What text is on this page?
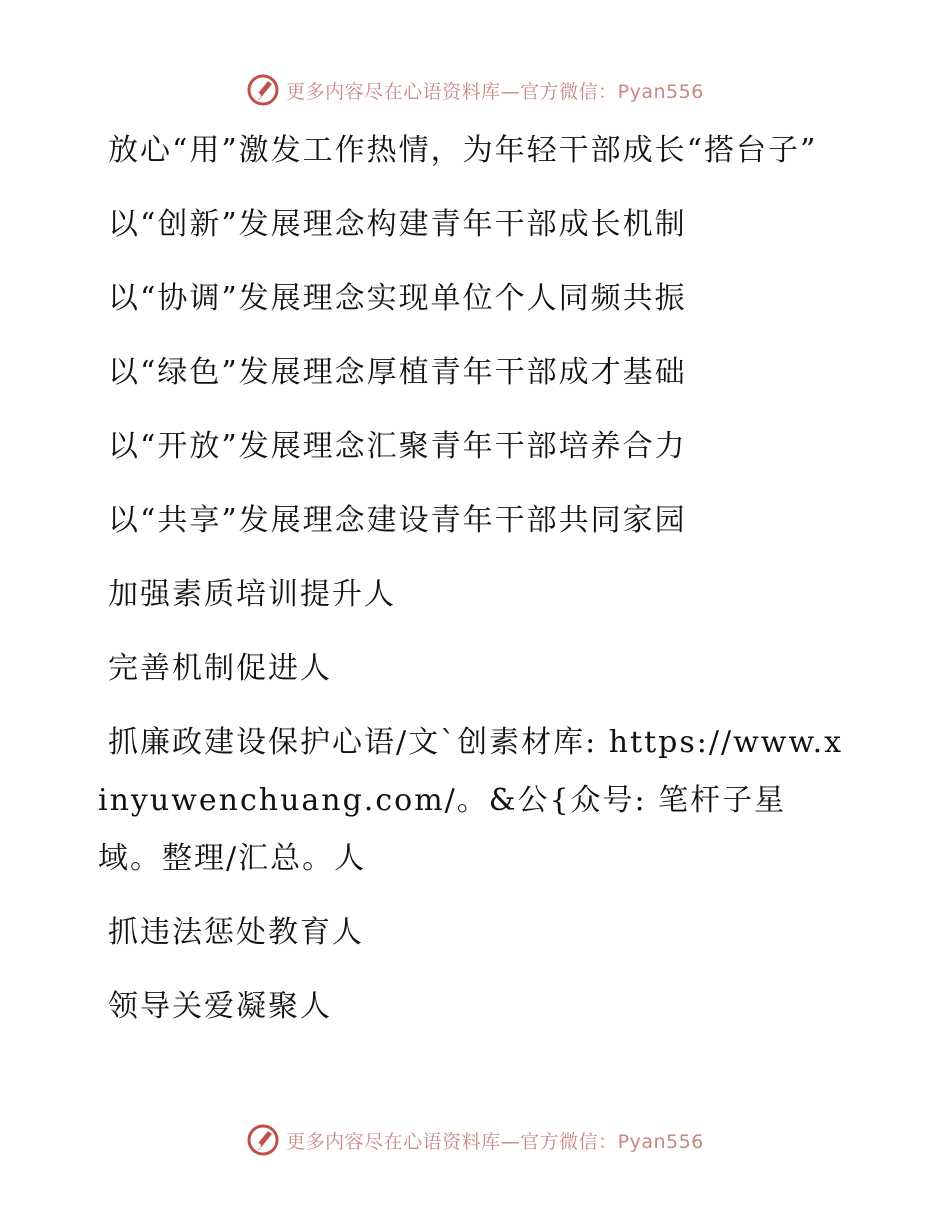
更多内容尽在心语资料库—官方微信：Pyan556

放心“用”激发工作热情，为年轻干部成长“搭台子”

以“创新”发展理念构建青年干部成长机制

以“协调”发展理念实现单位个人同频共振

以“绿色”发展理念厚植青年干部成才基础

以“开放”发展理念汇聚青年干部培养合力

以“共享”发展理念建设青年干部共同家园

加强素质培训提升人

完善机制促进人

抓廉政建设保护心语/文`创素材库: https://www.xinyuwenchuang.com/。&公{众号: 笔杆子星域。整理/汇总。人

抓违法惩处教育人

领导关爱凝聚人

更多内容尽在心语资料库—官方微信：Pyan556
